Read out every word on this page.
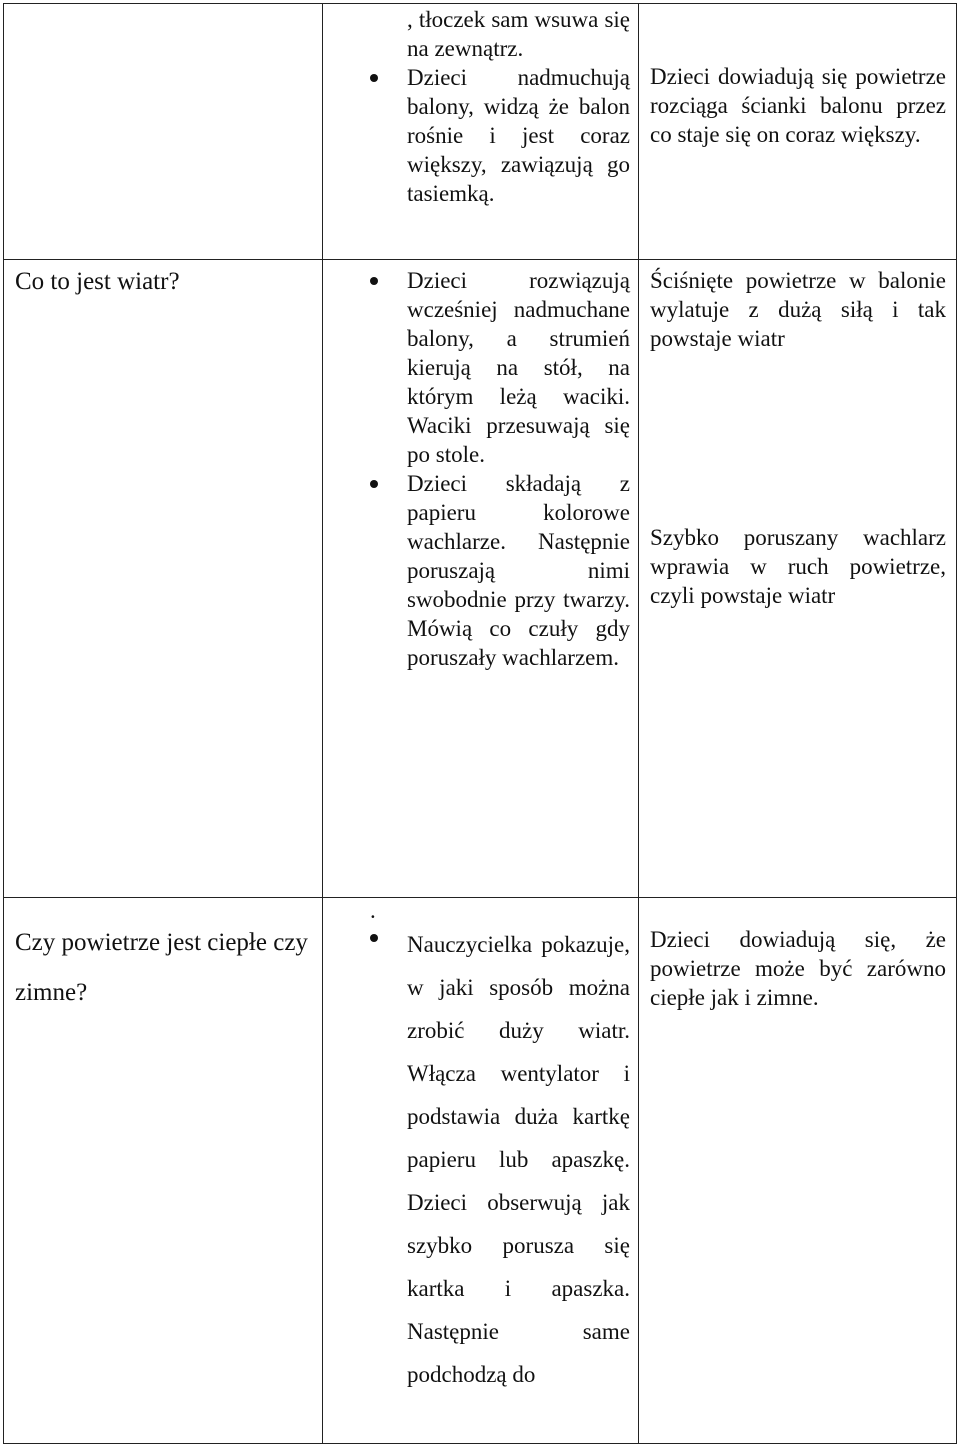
, tłoczek sam wsuwa się na zewnątrz.

Dzieci nadmuchują balony, widzą że balon rośnie i jest coraz większy, zawiązują go tasiemką.

Dzieci dowiadują się powietrze rozciąga ścianki balonu przez co staje się on coraz większy.

Co to jest wiatr?	Dzieci rozwiązują wcześniej nadmuchane balony, a strumień kierują na stół, na którym leżą waciki. Waciki przesuwają się po stole.
Dzieci składają z papieru kolorowe wachlarze. Następnie poruszają nimi swobodnie przy twarzy. Mówią co czuły gdy poruszały wachlarzem.

Ściśnięte powietrze w balonie wylatuje z dużą siłą i tak powstaje wiatr

Szybko poruszany wachlarz wprawia w ruch powietrze, czyli powstaje wiatr

Czy powietrze jest ciepłe czy zimne?

.
Nauczycielka pokazuje, w jaki sposób można zrobić duży wiatr. Włącza wentylator i podstawia duża kartkę papieru lub apaszkę. Dzieci obserwują jak szybko porusza się kartka i apaszka. Następnie same podchodzą do

Dzieci dowiadują się, że powietrze może być zarówno ciepłe jak i zimne.
